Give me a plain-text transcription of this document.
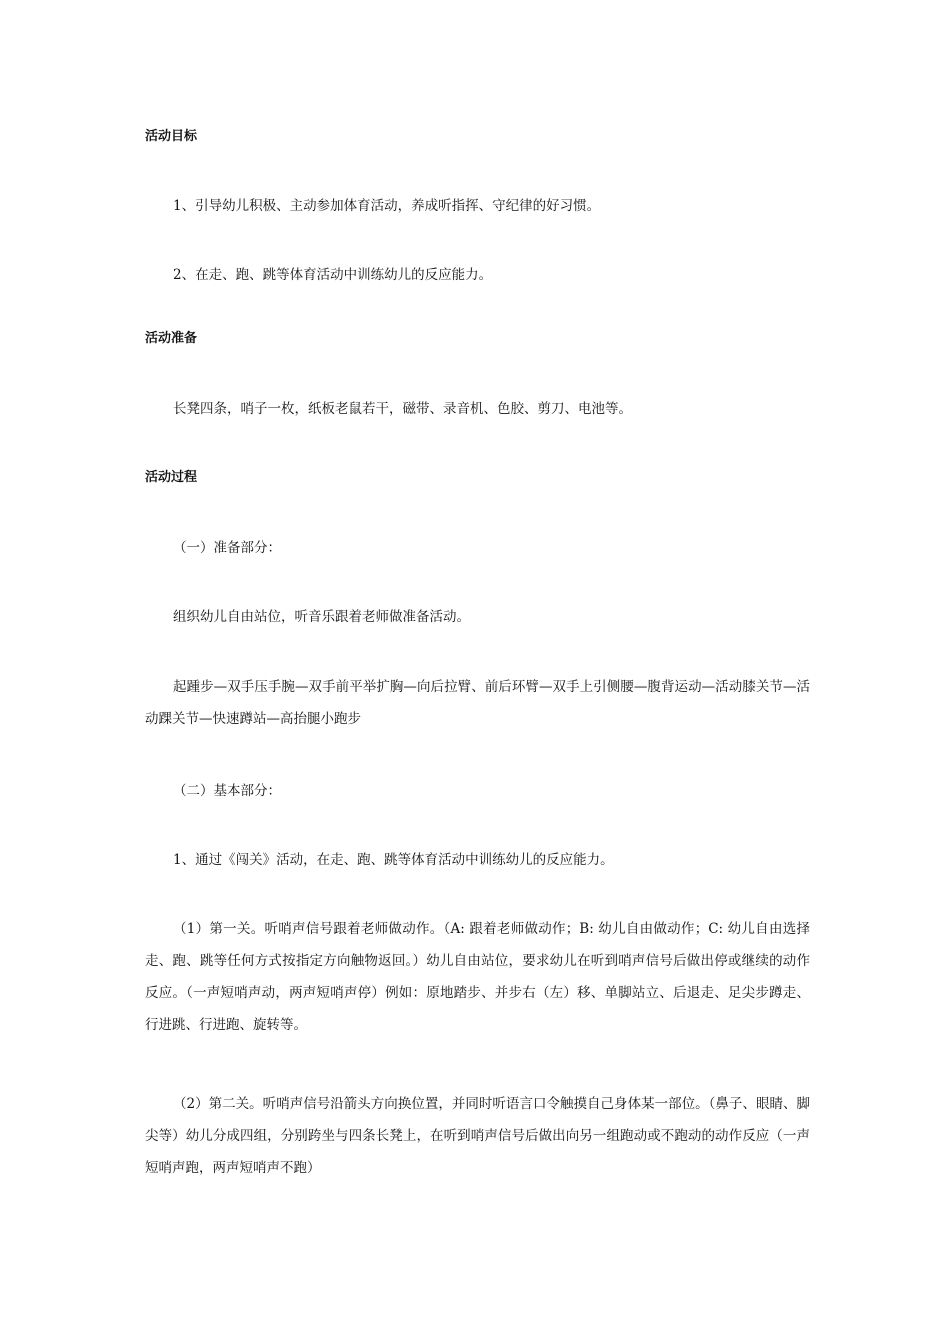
活动目标

1、引导幼儿积极、主动参加体育活动，养成听指挥、守纪律的好习惯。

2、在走、跑、跳等体育活动中训练幼儿的反应能力。

活动准备

长凳四条，哨子一枚，纸板老鼠若干，磁带、录音机、色胶、剪刀、电池等。

活动过程

（一）准备部分：

组织幼儿自由站位，听音乐跟着老师做准备活动。

起踵步—双手压手腕—双手前平举扩胸—向后拉臂、前后环臂—双手上引侧腰—腹背运动—活动膝关节—活动踝关节—快速蹲站—高抬腿小跑步

（二）基本部分：

1、通过《闯关》活动，在走、跑、跳等体育活动中训练幼儿的反应能力。

（1）第一关。听哨声信号跟着老师做动作。（A: 跟着老师做动作；B: 幼儿自由做动作；C: 幼儿自由选择走、跑、跳等任何方式按指定方向触物返回。）幼儿自由站位，要求幼儿在听到哨声信号后做出停或继续的动作反应。（一声短哨声动，两声短哨声停）例如：原地踏步、并步右（左）移、单脚站立、后退走、足尖步蹲走、行进跳、行进跑、旋转等。

（2）第二关。听哨声信号沿箭头方向换位置，并同时听语言口令触摸自己身体某一部位。（鼻子、眼睛、脚尖等）幼儿分成四组，分别跨坐与四条长凳上，在听到哨声信号后做出向另一组跑动或不跑动的动作反应（一声短哨声跑，两声短哨声不跑）
